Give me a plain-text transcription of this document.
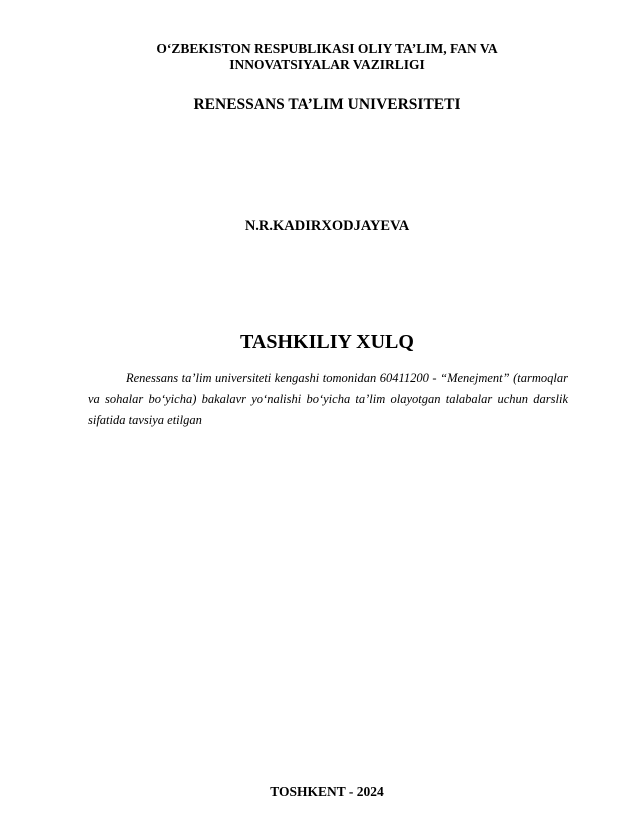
O‘ZBEKISTON RESPUBLIKASI OLIY TA’LIM, FAN VA
INNOVATSIYALAR VAZIRLIGI
RENESSANS TA’LIM UNIVERSITETI
N.R.KADIRXODJAYEVA
TASHKILIY XULQ
Renessans ta’lim universiteti kengashi tomonidan 60411200 - “Menejment” (tarmoqlar va sohalar bo‘yicha) bakalavr yo‘nalishi bo‘yicha ta’lim olayotgan talabalar uchun darslik sifatida tavsiya etilgan
TOSHKENT - 2024
